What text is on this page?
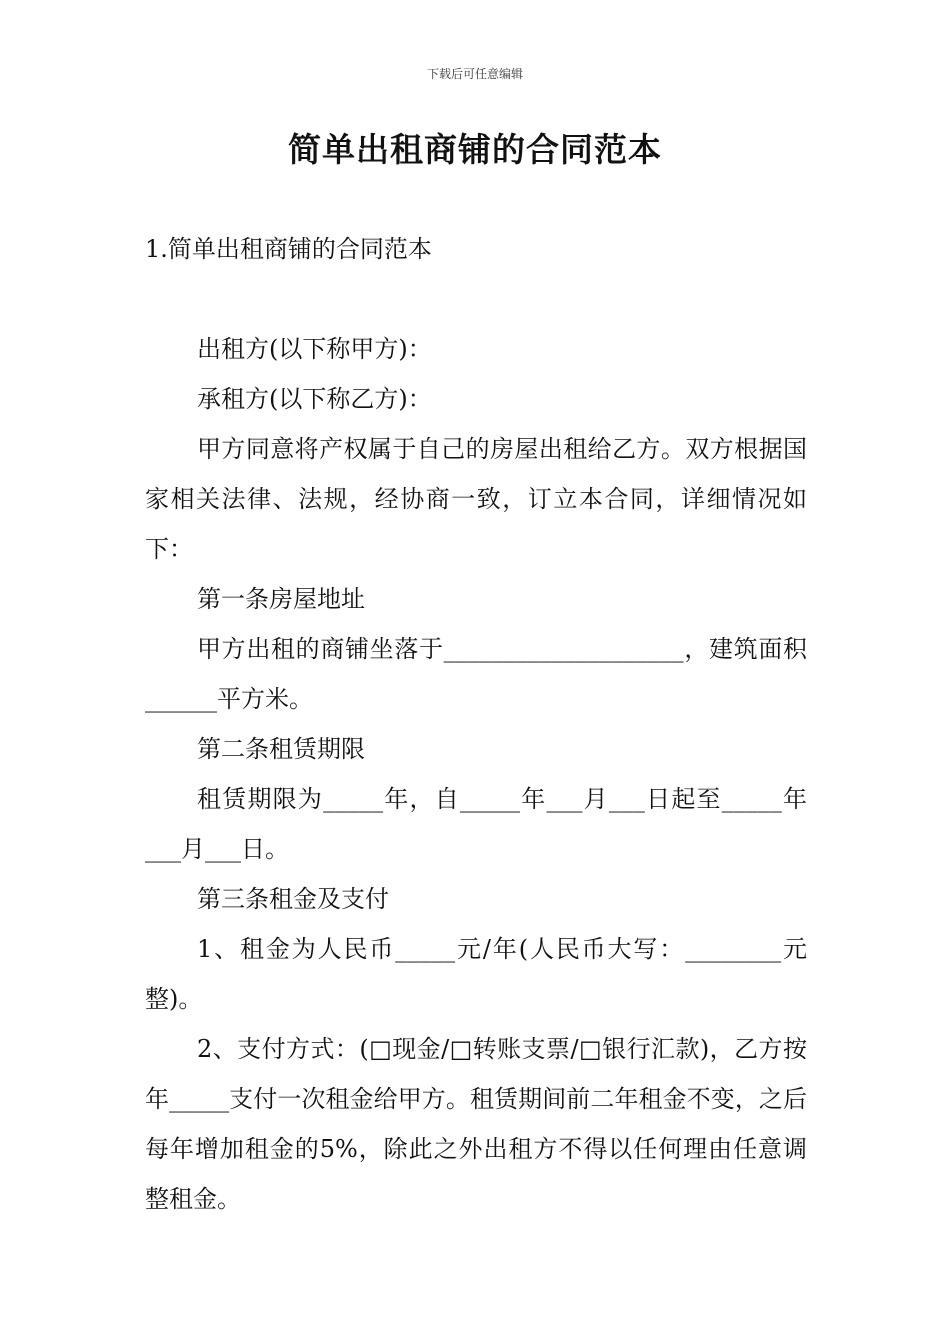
下载后可任意编辑
简单出租商铺的合同范本

1.简单出租商铺的合同范本

出租方(以下称甲方)：

承租方(以下称乙方)：

甲方同意将产权属于自己的房屋出租给乙方。双方根据国家相关法律、法规，经协商一致，订立本合同，详细情况如下：

第一条房屋地址

甲方出租的商铺坐落于____________________，建筑面积______平方米。

第二条租赁期限

租赁期限为_____年，自_____年___月___日起至_____年___月___日。

第三条租金及支付

1、租金为人民币_____元/年(人民币大写：________元整)。

2、支付方式：(□现金/□转账支票/□银行汇款)，乙方按年_____支付一次租金给甲方。租赁期间前二年租金不变，之后每年增加租金的5%，除此之外出租方不得以任何理由任意调整租金。
